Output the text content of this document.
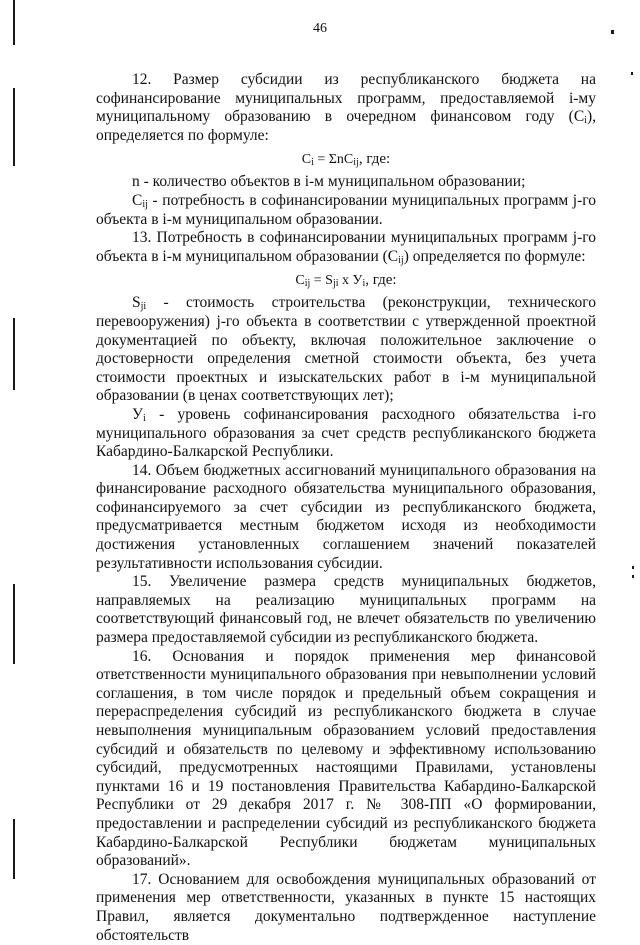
46

12. Размер субсидии из республиканского бюджета на софинансирование муниципальных программ, предоставляемой i-му муниципальному образованию в очередном финансовом году $(C_i)$, определяется по формуле:

$C_i = \Sigma nC_{ij}$, где:

n - количество объектов в i-м муниципальном образовании;

$C_{ij}$ - потребность в софинансировании муниципальных программ j-го объекта в i-м муниципальном образовании.

13. Потребность в софинансировании муниципальных программ j-го объекта в i-м муниципальном образовании $(C_{ij})$ определяется по формуле:

$C_{ij} = S_{ji}$ x $У_i$, где:

$S_{ji}$ - стоимость строительства (реконструкции, технического перевооружения) j-го объекта в соответствии с утвержденной проектной документацией по объекту, включая положительное заключение о достоверности определения сметной стоимости объекта, без учета стоимости проектных и изыскательских работ в i-м муниципальной образовании (в ценах соответствующих лет);

$У_i$ - уровень софинансирования расходного обязательства i-го муниципального образования за счет средств республиканского бюджета Кабардино-Балкарской Республики.

14. Объем бюджетных ассигнований муниципального образования на финансирование расходного обязательства муниципального образования, софинансируемого за счет субсидии из республиканского бюджета, предусматривается местным бюджетом исходя из необходимости достижения установленных соглашением значений показателей результативности использования субсидии.

15. Увеличение размера средств муниципальных бюджетов, направляемых на реализацию муниципальных программ на соответствующий финансовый год, не влечет обязательств по увеличению размера предоставляемой субсидии из республиканского бюджета.

16. Основания и порядок применения мер финансовой ответственности муниципального образования при невыполнении условий соглашения, в том числе порядок и предельный объем сокращения и перераспределения субсидий из республиканского бюджета в случае невыполнения муниципальным образованием условий предоставления субсидий и обязательств по целевому и эффективному использованию субсидий, предусмотренных настоящими Правилами, установлены пунктами 16 и 19 постановления Правительства Кабардино-Балкарской Республики от 29 декабря 2017 г. № 308-ПП «О формировании, предоставлении и распределении субсидий из республиканского бюджета Кабардино-Балкарской Республики бюджетам муниципальных образований».

17. Основанием для освобождения муниципальных образований от применения мер ответственности, указанных в пункте 15 настоящих Правил, является документально подтвержденное наступление обстоятельств
